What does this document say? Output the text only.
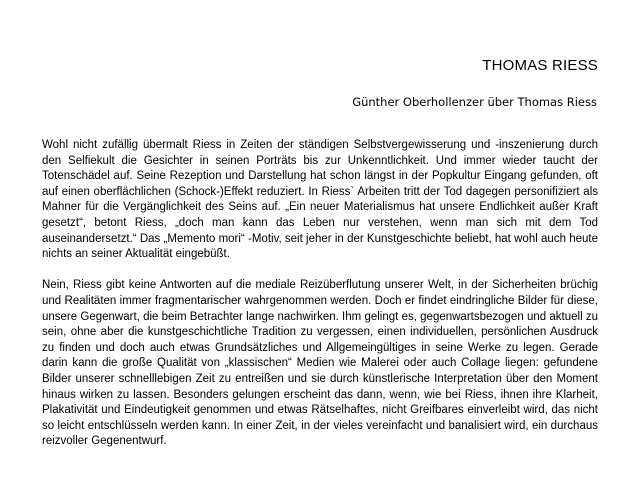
THOMAS RIESS
Günther Oberhollenzer über Thomas Riess

Wohl nicht zufällig übermalt Riess in Zeiten der ständigen Selbstvergewisserung und -inszenierung durch den Selfiekult die Gesichter in seinen Porträts bis zur Unkenntlichkeit. Und immer wieder taucht der Totenschädel auf. Seine Rezeption und Darstellung hat schon längst in der Popkultur Eingang gefunden, oft auf einen oberflächlichen (Schock-)Effekt reduziert. In Riess` Arbeiten tritt der Tod dagegen personifiziert als Mahner für die Vergänglichkeit des Seins auf. „Ein neuer Materialismus hat unsere Endlichkeit außer Kraft gesetzt“, betont Riess, „doch man kann das Leben nur verstehen, wenn man sich mit dem Tod auseinandersetzt.“ Das „Memento mori“ -Motiv, seit jeher in der Kunstgeschichte beliebt, hat wohl auch heute nichts an seiner Aktualität eingebüßt.

Nein, Riess gibt keine Antworten auf die mediale Reizüberflutung unserer Welt, in der Sicherheiten brüchig und Realitäten immer fragmentarischer wahrgenommen werden. Doch er findet eindringliche Bilder für diese, unsere Gegenwart, die beim Betrachter lange nachwirken. Ihm gelingt es, gegenwartsbezogen und aktuell zu sein, ohne aber die kunstgeschichtliche Tradition zu vergessen, einen individuellen, persönlichen Ausdruck zu finden und doch auch etwas Grundsätzliches und Allgemeingültiges in seine Werke zu legen. Gerade darin kann die große Qualität von „klassischen“ Medien wie Malerei oder auch Collage liegen: gefundene Bilder unserer schnelllebigen Zeit zu entreißen und sie durch künstlerische Interpretation über den Moment hinaus wirken zu lassen. Besonders gelungen erscheint das dann, wenn, wie bei Riess, ihnen ihre Klarheit, Plakativität und Eindeutigkeit genommen und etwas Rätselhaftes, nicht Greifbares einverleibt wird, das nicht so leicht entschlüsseln werden kann. In einer Zeit, in der vieles vereinfacht und banalisiert wird, ein durchaus reizvoller Gegenentwurf.
